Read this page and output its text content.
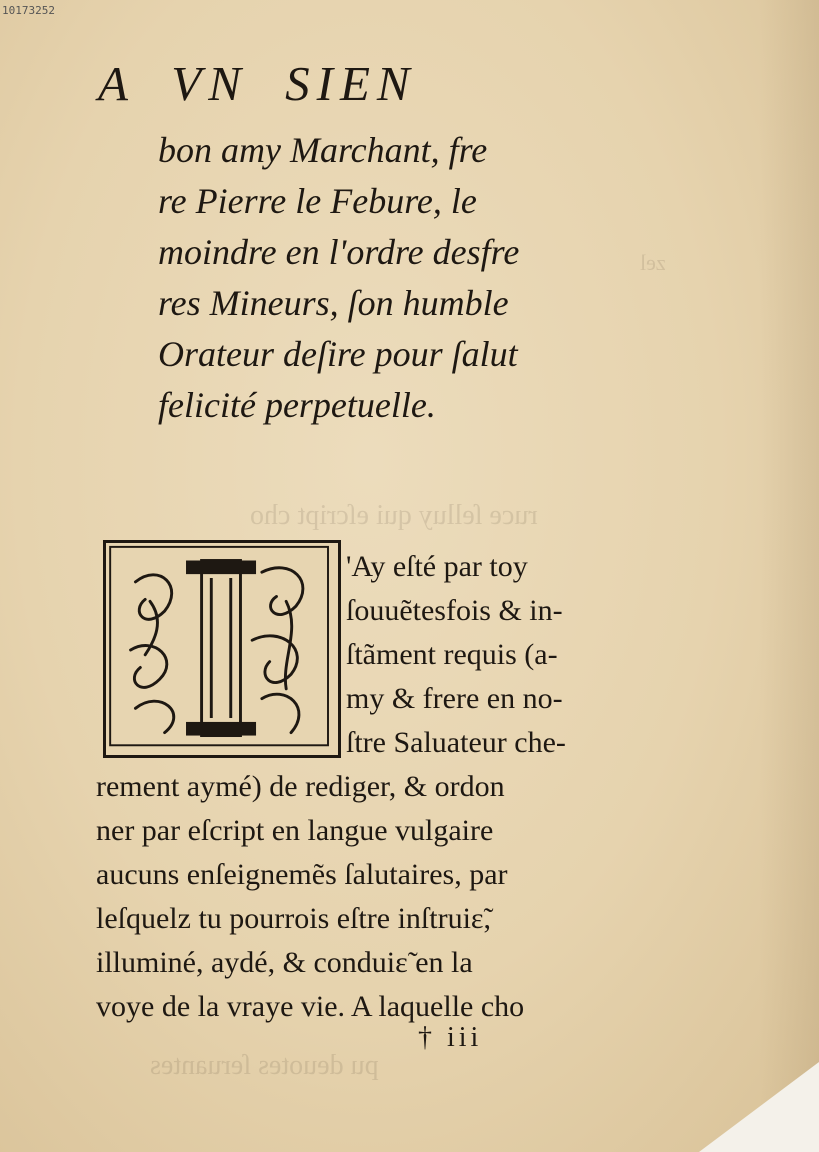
ruce ſelluy qui eſcript cho
zel
pu deuotes ſeruantes
10173252
A VN SIEN
bon amy Marchant, fre
re Pierre le Febure, le
moindre en l'ordre desfre
res Mineurs, ſon humble
Orateur deſire pour ſalut
felicité perpetuelle.
'Ay eſté par toy
ſouuẽtesfois & in-
ſtãment requis (a-
my & frere en no-
ſtre Saluateur che-
rement aymé) de rediger, & ordon
ner par eſcript en langue vulgaire
aucuns enſeignemẽs ſalutaires, par
leſquelz tu pourrois eſtre inſtruiɛ̃,
illuminé, aydé, & conduiɛ̃ en la
voye de la vraye vie. A laquelle cho
† iii
